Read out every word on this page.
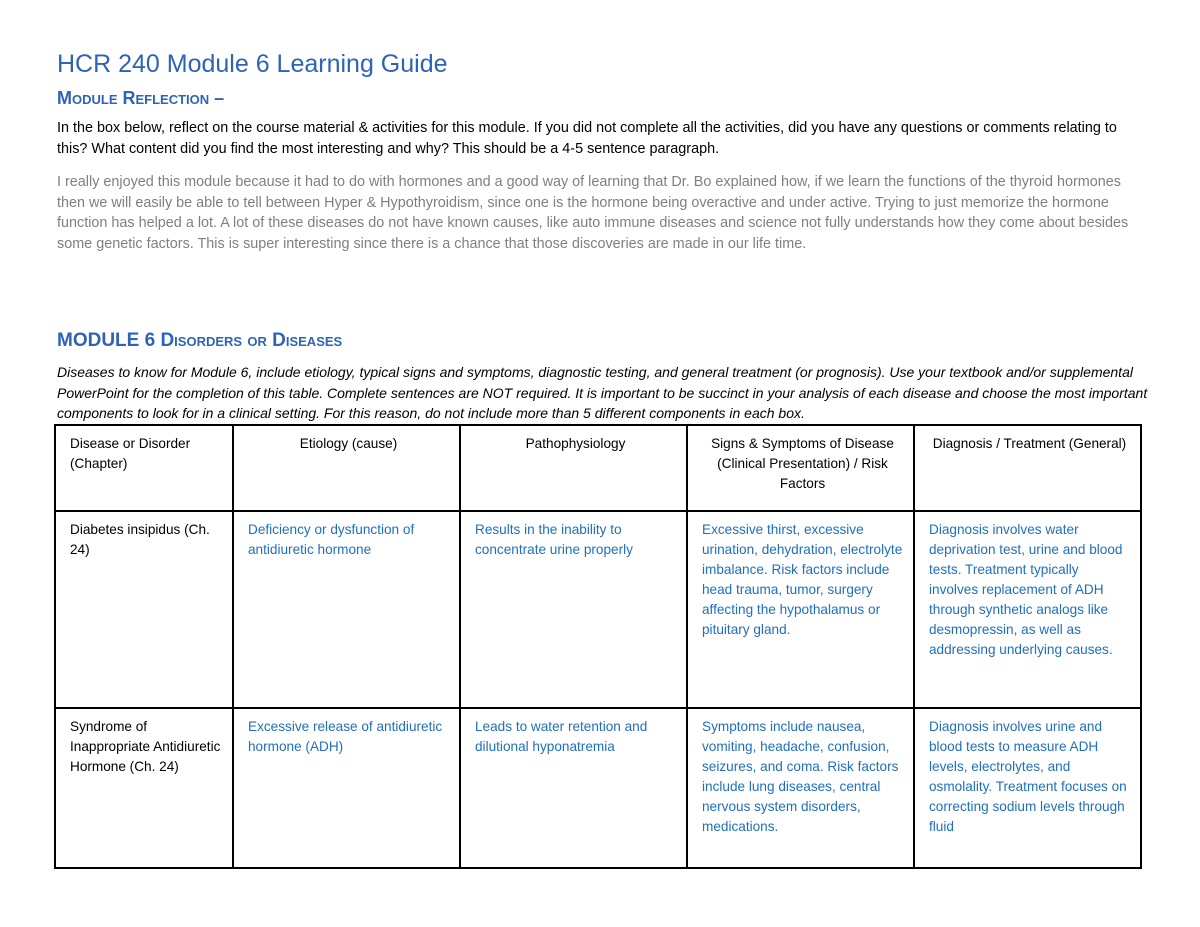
HCR 240 Module 6 Learning Guide
Module Reflection –

In the box below, reflect on the course material & activities for this module. If you did not complete all the activities, did you have any questions or comments relating to this? What content did you find the most interesting and why? This should be a 4-5 sentence paragraph.

I really enjoyed this module because it had to do with hormones and a good way of learning that Dr. Bo explained how, if we learn the functions of the thyroid hormones then we will easily be able to tell between Hyper & Hypothyroidism, since one is the hormone being overactive and under active. Trying to just memorize the hormone function has helped a lot. A lot of these diseases do not have known causes, like auto immune diseases and science not fully understands how they come about besides some genetic factors. This is super interesting since there is a chance that those discoveries are made in our life time.

MODULE 6 Disorders or Diseases

Diseases to know for Module 6, include etiology, typical signs and symptoms, diagnostic testing, and general treatment (or prognosis). Use your textbook and/or supplemental PowerPoint for the completion of this table. Complete sentences are NOT required. It is important to be succinct in your analysis of each disease and choose the most important components to look for in a clinical setting. For this reason, do not include more than 5 different components in each box.

Disease or Disorder (Chapter)	Etiology (cause)	Pathophysiology	Signs & Symptoms of Disease (Clinical Presentation) / Risk Factors	Diagnosis / Treatment (General)
Diabetes insipidus (Ch. 24)	Deficiency or dysfunction of antidiuretic hormone	Results in the inability to concentrate urine properly	Excessive thirst, excessive urination, dehydration, electrolyte imbalance. Risk factors include head trauma, tumor, surgery affecting the hypothalamus or pituitary gland.	Diagnosis involves water deprivation test, urine and blood tests. Treatment typically involves replacement of ADH through synthetic analogs like desmopressin, as well as addressing underlying causes.
Syndrome of Inappropriate Antidiuretic Hormone (Ch. 24)	Excessive release of antidiuretic hormone (ADH)	Leads to water retention and dilutional hyponatremia	Symptoms include nausea, vomiting, headache, confusion, seizures, and coma. Risk factors include lung diseases, central nervous system disorders, medications.	Diagnosis involves urine and blood tests to measure ADH levels, electrolytes, and osmolality. Treatment focuses on correcting sodium levels through fluid
